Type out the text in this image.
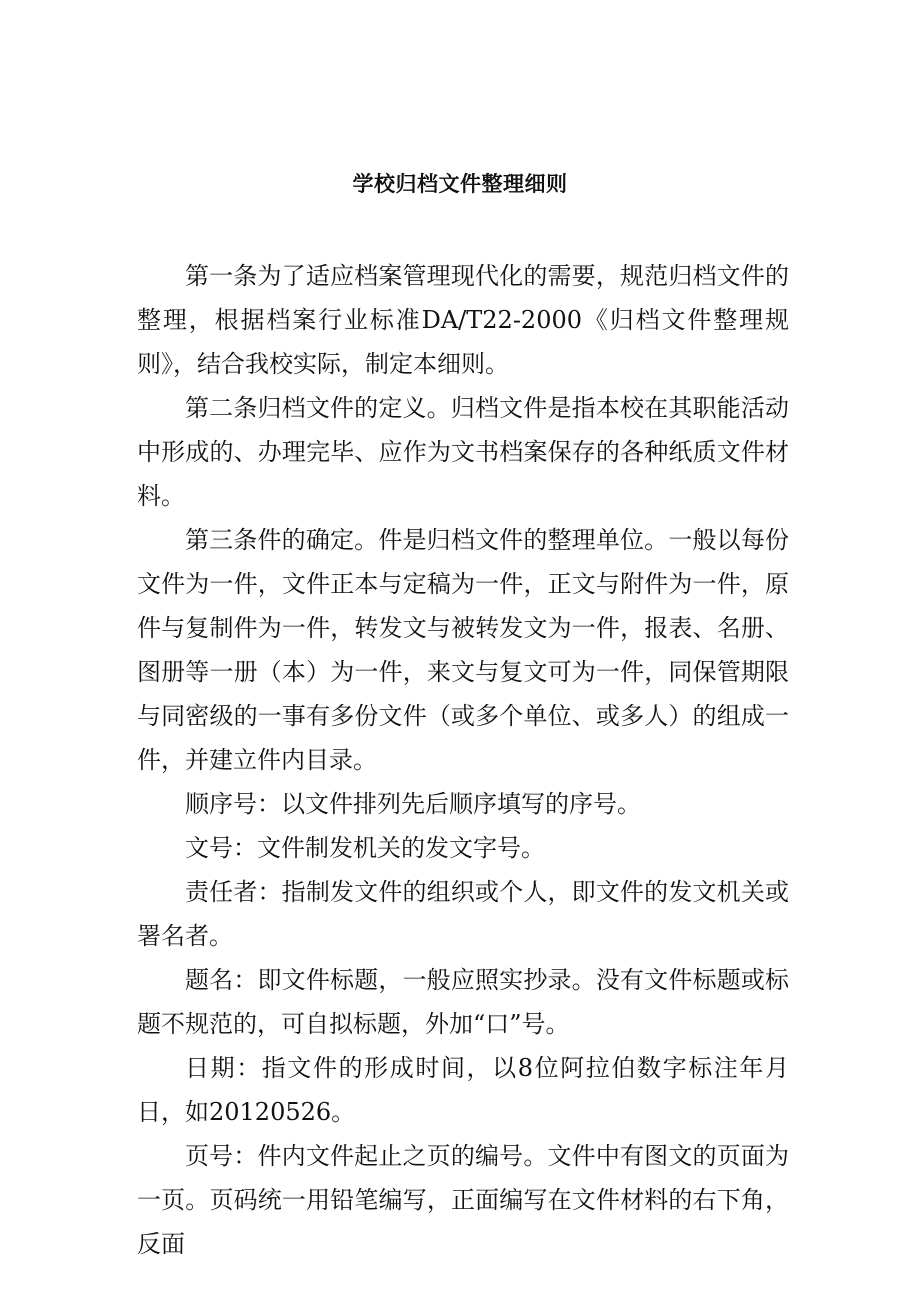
学校归档文件整理细则

第一条为了适应档案管理现代化的需要，规范归档文件的整理，根据档案行业标准DA/T22-2000《归档文件整理规则》，结合我校实际，制定本细则。

第二条归档文件的定义。归档文件是指本校在其职能活动中形成的、办理完毕、应作为文书档案保存的各种纸质文件材料。

第三条件的确定。件是归档文件的整理单位。一般以每份文件为一件，文件正本与定稿为一件，正文与附件为一件，原件与复制件为一件，转发文与被转发文为一件，报表、名册、图册等一册（本）为一件，来文与复文可为一件，同保管期限与同密级的一事有多份文件（或多个单位、或多人）的组成一件，并建立件内目录。

顺序号：以文件排列先后顺序填写的序号。

文号：文件制发机关的发文字号。

责任者：指制发文件的组织或个人，即文件的发文机关或署名者。

题名：即文件标题，一般应照实抄录。没有文件标题或标题不规范的，可自拟标题，外加“口”号。

日期：指文件的形成时间，以8位阿拉伯数字标注年月日，如20120526。

页号：件内文件起止之页的编号。文件中有图文的页面为一页。页码统一用铅笔编写，正面编写在文件材料的右下角，反面
